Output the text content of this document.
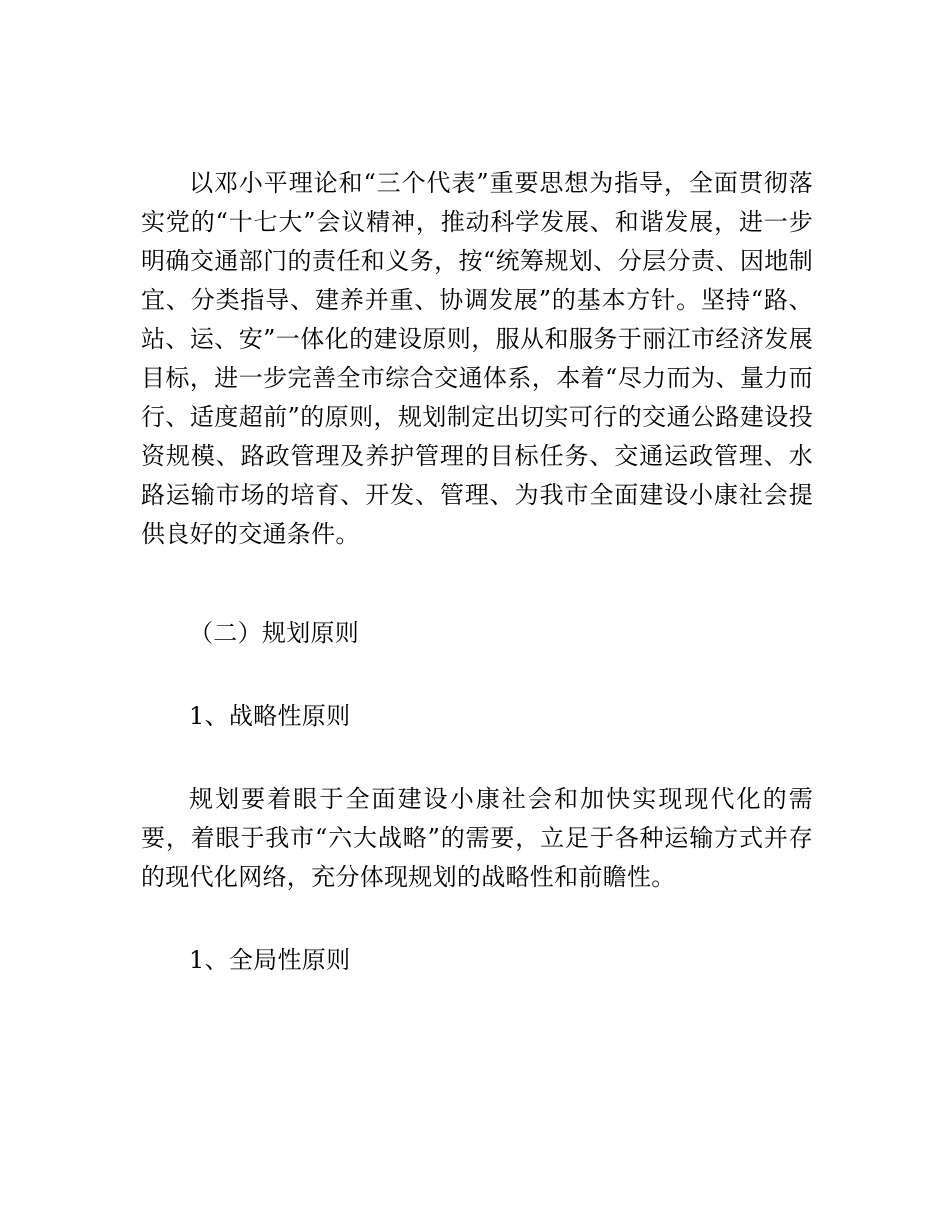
以邓小平理论和“三个代表”重要思想为指导，全面贯彻落实党的“十七大”会议精神，推动科学发展、和谐发展，进一步明确交通部门的责任和义务，按“统筹规划、分层分责、因地制宜、分类指导、建养并重、协调发展”的基本方针。坚持“路、站、运、安”一体化的建设原则，服从和服务于丽江市经济发展目标，进一步完善全市综合交通体系，本着“尽力而为、量力而行、适度超前”的原则，规划制定出切实可行的交通公路建设投资规模、路政管理及养护管理的目标任务、交通运政管理、水路运输市场的培育、开发、管理、为我市全面建设小康社会提供良好的交通条件。

（二）规划原则

1、战略性原则

规划要着眼于全面建设小康社会和加快实现现代化的需要，着眼于我市“六大战略”的需要，立足于各种运输方式并存的现代化网络，充分体现规划的战略性和前瞻性。

1、全局性原则
